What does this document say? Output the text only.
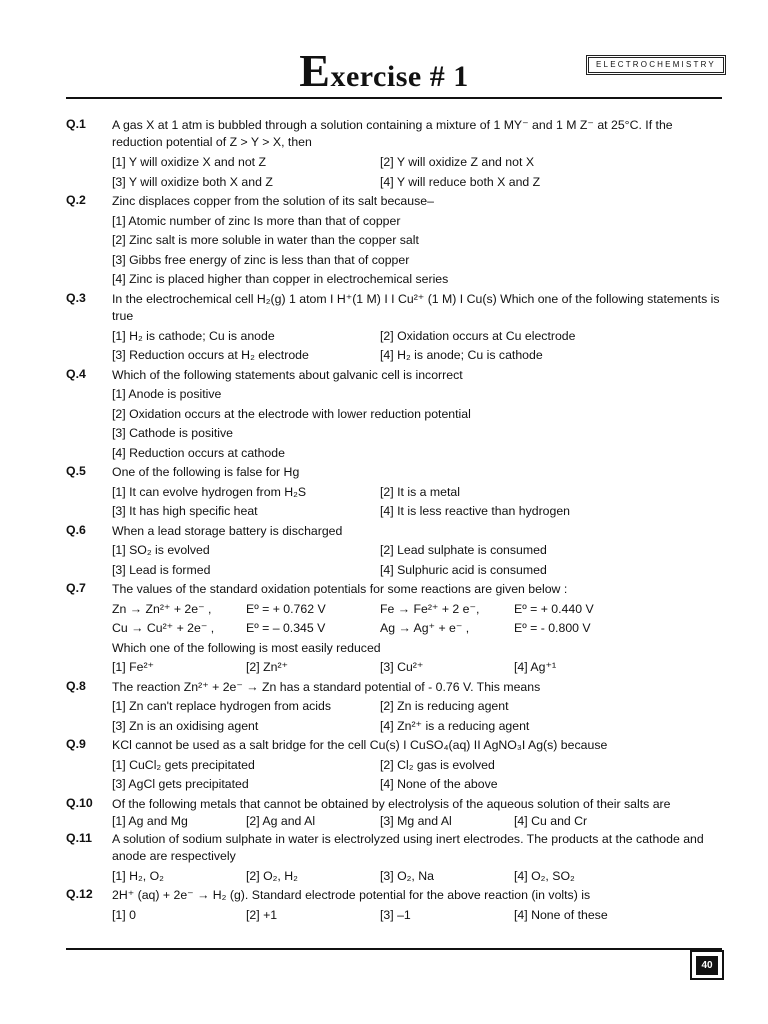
Exercise # 1	ELECTROCHEMISTRY
Q.1 A gas X at 1 atm is bubbled through a solution containing a mixture of 1 MY⁻ and 1 M Z⁻ at 25°C. If the reduction potential of Z > Y > X, then
[1] Y will oxidize X and not Z	[2] Y will oxidize Z and not X
[3] Y will oxidize both X and Z	[4] Y will reduce both X and Z
Q.2 Zinc displaces copper from the solution of its salt because–
[1] Atomic number of zinc Is more than that of copper
[2] Zinc salt is more soluble in water than the copper salt
[3] Gibbs free energy of zinc is less than that of copper
[4] Zinc is placed higher than copper in electrochemical series
Q.3 In the electrochemical cell H₂(g) 1 atom I H⁺(1 M) I I Cu²⁺ (1 M) I Cu(s) Which one of the following statements is true
[1] H₂ is cathode; Cu is anode	[2] Oxidation occurs at Cu electrode
[3] Reduction occurs at H₂ electrode	[4] H₂ is anode; Cu is cathode
Q.4 Which of the following statements about galvanic cell is incorrect
[1] Anode is positive
[2] Oxidation occurs at the electrode with lower reduction potential
[3] Cathode is positive
[4] Reduction occurs at cathode
Q.5 One of the following is false for Hg
[1] It can evolve hydrogen from H₂S	[2] It is a metal
[3] It has high specific heat	[4] It is less reactive than hydrogen
Q.6 When a lead storage battery is discharged
[1] SO₂ is evolved	[2] Lead sulphate is consumed
[3] Lead is formed	[4] Sulphuric acid is consumed
Q.7 The values of the standard oxidation potentials for some reactions are given below :
Zn → Zn²⁺ + 2e⁻ ,	Eº = + 0.762 V	Fe → Fe²⁺ + 2 e⁻,	Eº = + 0.440 V
Cu → Cu²⁺ + 2e⁻ ,	Eº = – 0.345 V	Ag → Ag⁺ + e⁻ ,	Eº = - 0.800 V
Which one of the following is most easily reduced
[1] Fe²⁺	[2] Zn²⁺	[3] Cu²⁺	[4] Ag⁺¹
Q.8 The reaction Zn²⁺ + 2e⁻ → Zn has a standard potential of - 0.76 V. This means
[1] Zn can't replace hydrogen from acids	[2] Zn is reducing agent
[3] Zn is an oxidising agent	[4] Zn²⁺ is a reducing agent
Q.9 KCl cannot be used as a salt bridge for the cell Cu(s) I CuSO₄(aq) II AgNO₃I Ag(s) because
[1] CuCl₂ gets precipitated	[2] Cl₂ gas is evolved
[3] AgCl gets precipitated	[4] None of the above
Q.10 Of the following metals that cannot be obtained by electrolysis of the aqueous solution of their salts are
[1] Ag and Mg	[2] Ag and Al	[3] Mg and Al	[4] Cu and Cr
Q.11 A solution of sodium sulphate in water is electrolyzed using inert electrodes. The products at the cathode and anode are respectively
[1] H₂, O₂	[2] O₂, H₂	[3] O₂, Na	[4] O₂, SO₂
Q.12 2H⁺ (aq) + 2e⁻ → H₂ (g). Standard electrode potential for the above reaction (in volts) is
[1] 0	[2] +1	[3] –1	[4] None of these
40
